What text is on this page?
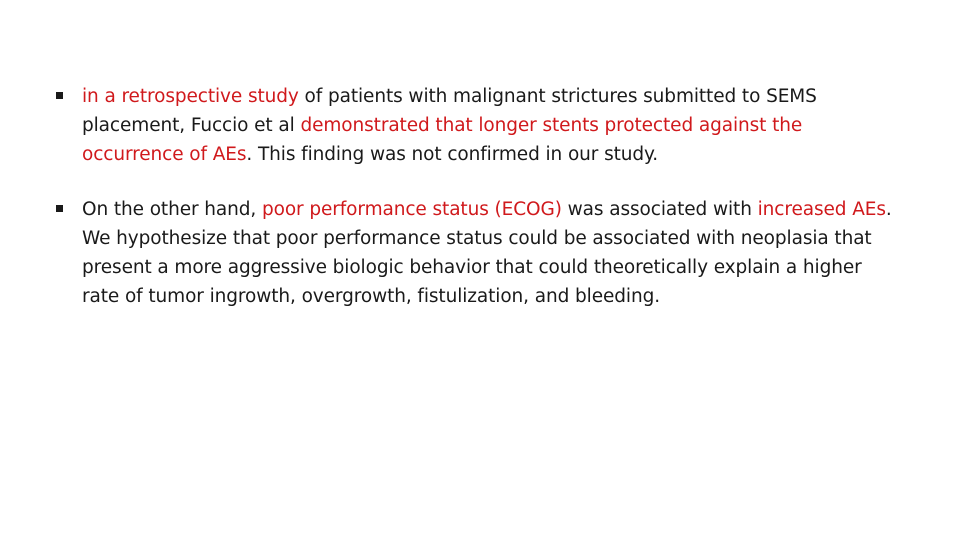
in a retrospective study of patients with malignant strictures submitted to SEMS placement, Fuccio et al demonstrated that longer stents protected against the occurrence of AEs. This finding was not confirmed in our study.
On the other hand, poor performance status (ECOG) was associated with increased AEs. We hypothesize that poor performance status could be associated with neoplasia that present a more aggressive biologic behavior that could theoretically explain a higher rate of tumor ingrowth, overgrowth, fistulization, and bleeding.
